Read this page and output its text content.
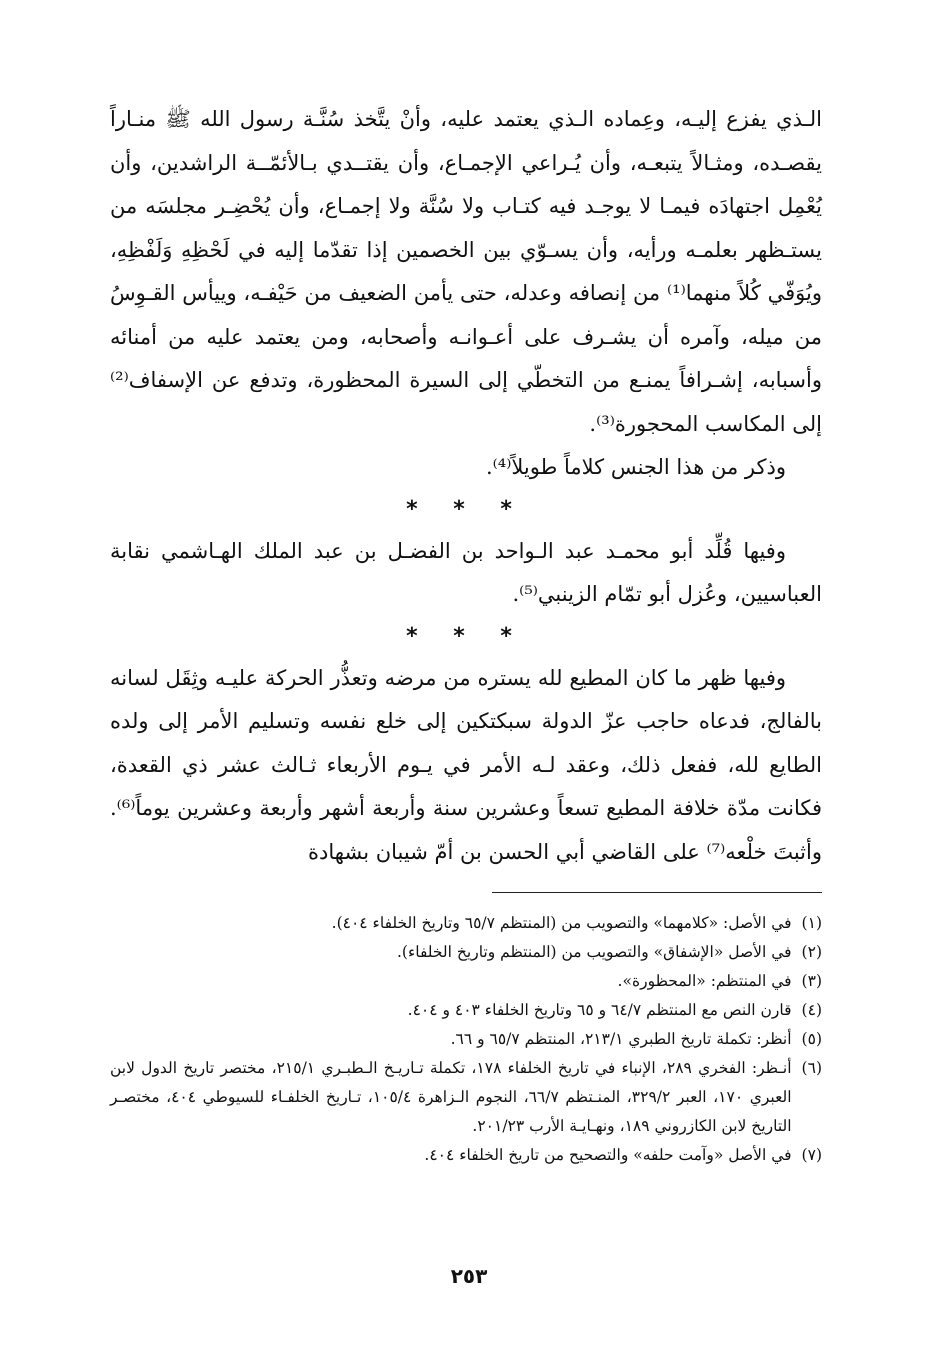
الـذي يفزع إليـه، وعِماده الـذي يعتمد عليه، وأنْ يتَّخذ سُنَّـة رسول الله ﷺ منـاراً يقصـده، ومثـالاً يتبعـه، وأن يُـراعي الإجمـاع، وأن يقتــدي بـالأئمّــة الراشدين، وأن يُعْمِل اجتهادَه فيمـا لا يوجـد فيه كتـاب ولا سُنَّة ولا إجمـاع، وأن يُحْضِـر مجلسَه من يستـظهر بعلمـه ورأيه، وأن يسـوّي بين الخصمين إذا تقدّما إليه في لَحْظِهِ وَلَفْظِهِ، ويُوَفّي كُلاً منهما⁽¹⁾ من إنصافه وعدله، حتى يأمن الضعيف من حَيْفـه، وييأس القـوِسُ من ميله، وآمره أن يشـرف على أعـوانـه وأصحابه، ومن يعتمد عليه من أمنائه وأسبابه، إشـرافاً يمنـع من التخطّي إلى السيرة المحظورة، وتدفع عن الإسفاف⁽²⁾ إلى المكاسب المحجورة⁽³⁾.

وذكر من هذا الجنس كلاماً طويلاً⁽⁴⁾.

* * *

وفيها قُلِّد أبو محمـد عبد الـواحد بن الفضـل بن عبد الملك الهـاشمي نقابة العباسيين، وعُزل أبو تمّام الزينبي⁽⁵⁾.

* * *

وفيها ظهر ما كان المطيع لله يستره من مرضه وتعذُّر الحركة عليـه وثِقَل لسانه بالفالج، فدعاه حاجب عزّ الدولة سبكتكين إلى خلع نفسه وتسليم الأمر إلى ولده الطايع لله، ففعل ذلك، وعقد لـه الأمر في يـوم الأربعاء ثـالث عشر ذي القعدة، فكانت مدّة خلافة المطيع تسعاً وعشرين سنة وأربعة أشهر وأربعة وعشرين يوماً⁽⁶⁾. وأثبتَ خلْعه⁽⁷⁾ على القاضي أبي الحسن بن أمّ شيبان بشهادة

(١)
في الأصل: «كلامهما» والتصويب من (المنتظم ٦٥/٧ وتاريخ الخلفاء ٤٠٤).
(٢)
في الأصل «الإشفاق» والتصويب من (المنتظم وتاريخ الخلفاء).
(٣)
في المنتظم: «المحظورة».
(٤)
قارن النص مع المنتظم ٦٤/٧ و ٦٥ وتاريخ الخلفاء ٤٠٣ و ٤٠٤.
(٥)
أنظر: تكملة تاريخ الطبري ٢١٣/١، المنتظم ٦٥/٧ و ٦٦.
(٦)
أنـظر: الفخري ٢٨٩، الإنباء في تاريخ الخلفاء ١٧٨، تكملة تـاريـخ الـطبـري ٢١٥/١، مختصر تاريخ الدول لابن العبري ١٧٠، العبر ٣٢٩/٢، المنـتظم ٦٦/٧، النجوم الـزاهرة ١٠٥/٤، تـاريخ الخلفـاء للسيوطي ٤٠٤، مختصـر التاريخ لابن الكازروني ١٨٩، ونهـايـة الأرب ٢٠١/٢٣.
(٧)
في الأصل «وآمت حلفه» والتصحيح من تاريخ الخلفاء ٤٠٤.
٢٥٣
